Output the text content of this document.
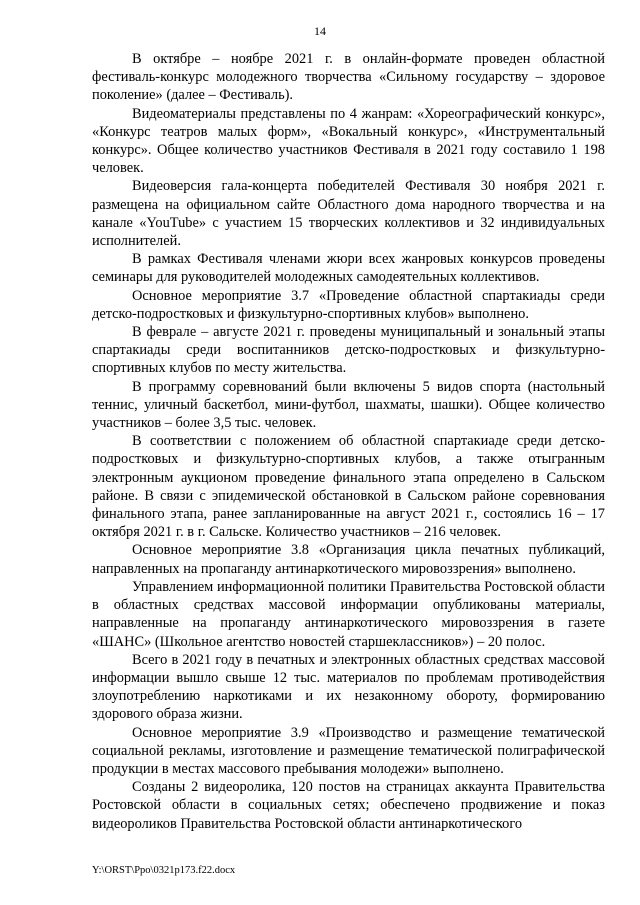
14

В октябре – ноябре 2021 г. в онлайн-формате проведен областной фестиваль-конкурс молодежного творчества «Сильному государству – здоровое поколение» (далее – Фестиваль).

Видеоматериалы представлены по 4 жанрам: «Хореографический конкурс», «Конкурс театров малых форм», «Вокальный конкурс», «Инструментальный конкурс». Общее количество участников Фестиваля в 2021 году составило 1 198 человек.

Видеоверсия гала-концерта победителей Фестиваля 30 ноября 2021 г. размещена на официальном сайте Областного дома народного творчества и на канале «YouTube» с участием 15 творческих коллективов и 32 индивидуальных исполнителей.

В рамках Фестиваля членами жюри всех жанровых конкурсов проведены семинары для руководителей молодежных самодеятельных коллективов.

Основное мероприятие 3.7 «Проведение областной спартакиады среди детско-подростковых и физкультурно-спортивных клубов» выполнено.

В феврале – августе 2021 г. проведены муниципальный и зональный этапы спартакиады среди воспитанников детско-подростковых и физкультурно-спортивных клубов по месту жительства.

В программу соревнований были включены 5 видов спорта (настольный теннис, уличный баскетбол, мини-футбол, шахматы, шашки). Общее количество участников – более 3,5 тыс. человек.

В соответствии с положением об областной спартакиаде среди детско-подростковых и физкультурно-спортивных клубов, а также отыгранным электронным аукционом проведение финального этапа определено в Сальском районе. В связи с эпидемической обстановкой в Сальском районе соревнования финального этапа, ранее запланированные на август 2021 г., состоялись 16 – 17 октября 2021 г. в г. Сальске. Количество участников – 216 человек.

Основное мероприятие 3.8 «Организация цикла печатных публикаций, направленных на пропаганду антинаркотического мировоззрения» выполнено.

Управлением информационной политики Правительства Ростовской области в областных средствах массовой информации опубликованы материалы, направленные на пропаганду антинаркотического мировоззрения в газете «ШАНС» (Школьное агентство новостей старшеклассников») – 20 полос.

Всего в 2021 году в печатных и электронных областных средствах массовой информации вышло свыше 12 тыс. материалов по проблемам противодействия злоупотреблению наркотиками и их незаконному обороту, формированию здорового образа жизни.

Основное мероприятие 3.9 «Производство и размещение тематической социальной рекламы, изготовление и размещение тематической полиграфической продукции в местах массового пребывания молодежи» выполнено.

Созданы 2 видеоролика, 120 постов на страницах аккаунта Правительства Ростовской области в социальных сетях; обеспечено продвижение и показ видеороликов Правительства Ростовской области антинаркотического

Y:\ORST\Ppo\0321p173.f22.docx
